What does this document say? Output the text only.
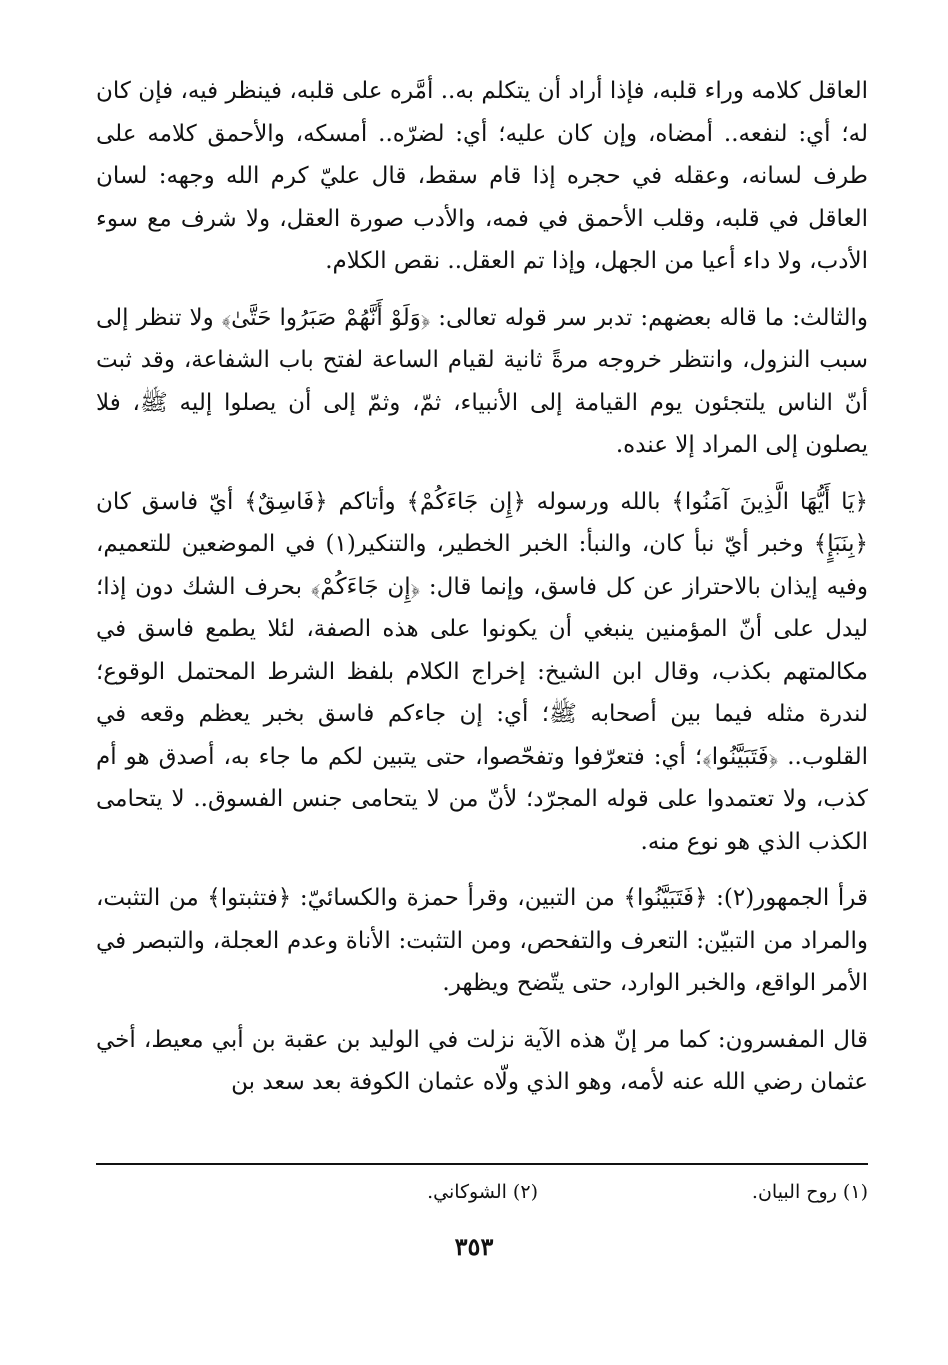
العاقل كلامه وراء قلبه، فإذا أراد أن يتكلم به.. أمَّره على قلبه، فينظر فيه، فإن كان له؛ أي: لنفعه.. أمضاه، وإن كان عليه؛ أي: لضرّه.. أمسكه، والأحمق كلامه على طرف لسانه، وعقله في حجره إذا قام سقط، قال عليّ كرم الله وجهه: لسان العاقل في قلبه، وقلب الأحمق في فمه، والأدب صورة العقل، ولا شرف مع سوء الأدب، ولا داء أعيا من الجهل، وإذا تم العقل.. نقص الكلام.

والثالث: ما قاله بعضهم: تدبر سر قوله تعالى: ﴿وَلَوْ أَنَّهُمْ صَبَرُوا حَتَّىٰ﴾ ولا تنظر إلى سبب النزول، وانتظر خروجه مرةً ثانية لقيام الساعة لفتح باب الشفاعة، وقد ثبت أنّ الناس يلتجئون يوم القيامة إلى الأنبياء، ثمّ، وثمّ إلى أن يصلوا إليه ﷺ، فلا يصلون إلى المراد إلا عنده.

﴿يَا أَيُّهَا الَّذِينَ آمَنُوا﴾ بالله ورسوله ﴿إِن جَاءَكُمْ﴾ وأتاكم ﴿فَاسِقٌ﴾ أيّ فاسق كان ﴿بِنَبَإٍ﴾ وخبر أيّ نبأ كان، والنبأ: الخبر الخطير، والتنكير(١) في الموضعين للتعميم، وفيه إيذان بالاحتراز عن كل فاسق، وإنما قال: ﴿إِن جَاءَكُمْ﴾ بحرف الشك دون إذا؛ ليدل على أنّ المؤمنين ينبغي أن يكونوا على هذه الصفة، لئلا يطمع فاسق في مكالمتهم بكذب، وقال ابن الشيخ: إخراج الكلام بلفظ الشرط المحتمل الوقوع؛ لندرة مثله فيما بين أصحابه ﷺ؛ أي: إن جاءكم فاسق بخبر يعظم وقعه في القلوب.. ﴿فَتَبَيَّنُوا﴾؛ أي: فتعرّفوا وتفحّصوا، حتى يتبين لكم ما جاء به، أصدق هو أم كذب، ولا تعتمدوا على قوله المجرّد؛ لأنّ من لا يتحامى جنس الفسوق.. لا يتحامى الكذب الذي هو نوع منه.

قرأ الجمهور(٢): ﴿فَتَبَيَّنُوا﴾ من التبين، وقرأ حمزة والكسائيّ: ﴿فتثبتوا﴾ من التثبت، والمراد من التبيّن: التعرف والتفحص، ومن التثبت: الأناة وعدم العجلة، والتبصر في الأمر الواقع، والخبر الوارد، حتى يتّضح ويظهر.

قال المفسرون: كما مر إنّ هذه الآية نزلت في الوليد بن عقبة بن أبي معيط، أخي عثمان رضي الله عنه لأمه، وهو الذي ولّاه عثمان الكوفة بعد سعد بن

(١) روح البيان.
(٢) الشوكاني.
٣٥٣
